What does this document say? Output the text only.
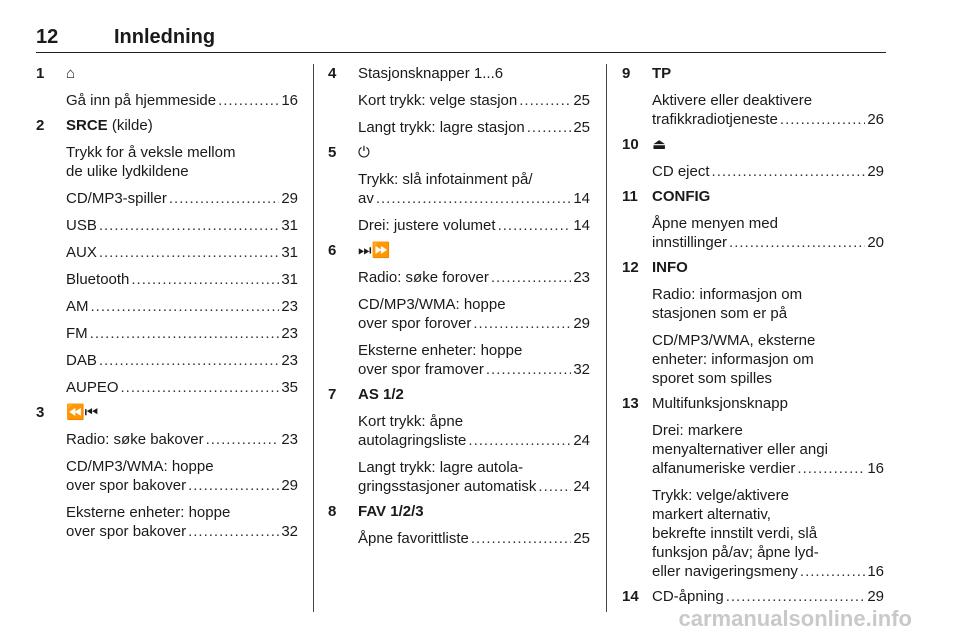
12	Innledning
1	⌂
Gå inn på hjemmeside .....	16
2	SRCE (kilde)
Trykk for å veksle mellom
de ulike lydkildene
CD/MP3-spiller .....	29
USB .....	31
AUX .....	31
Bluetooth .....	31
AM .....	23
FM .....	23
DAB .....	23
AUPEO .....	35
3	⏪⏮
Radio: søke bakover .....	23
CD/MP3/WMA: hoppe
over spor bakover .....	29
Eksterne enheter: hoppe
over spor bakover .....	32
4	Stasjonsknapper 1...6
Kort trykk: velge stasjon .....	25
Langt trykk: lagre stasjon .....	25
5	⏻
Trykk: slå infotainment på/
av .....	14
Drei: justere volumet .....	14
6	⏭⏩
Radio: søke forover .....	23
CD/MP3/WMA: hoppe
over spor forover .....	29
Eksterne enheter: hoppe
over spor framover .....	32
7	AS 1/2
Kort trykk: åpne
autolagringsliste .....	24
Langt trykk: lagre autola-
gringsstasjoner automatisk ..... 24
8	FAV 1/2/3
Åpne favorittliste .....	25
9	TP
Aktivere eller deaktivere
trafikkradiotjeneste .....	26
10 ⏏
CD eject .....	29
11 CONFIG
Åpne menyen med
innstillinger .....	20
12 INFO
Radio: informasjon om
stasjonen som er på
CD/MP3/WMA, eksterne
enheter: informasjon om
sporet som spilles
13 Multifunksjonsknapp
Drei: markere
menyalternativer eller angi
alfanumeriske verdier .....	16
Trykk: velge/aktivere
markert alternativ,
bekrefte innstilt verdi, slå
funksjon på/av; åpne lyd-
eller navigeringsmeny .....	16
14 CD-åpning .....	29
carmanualsonline.info
